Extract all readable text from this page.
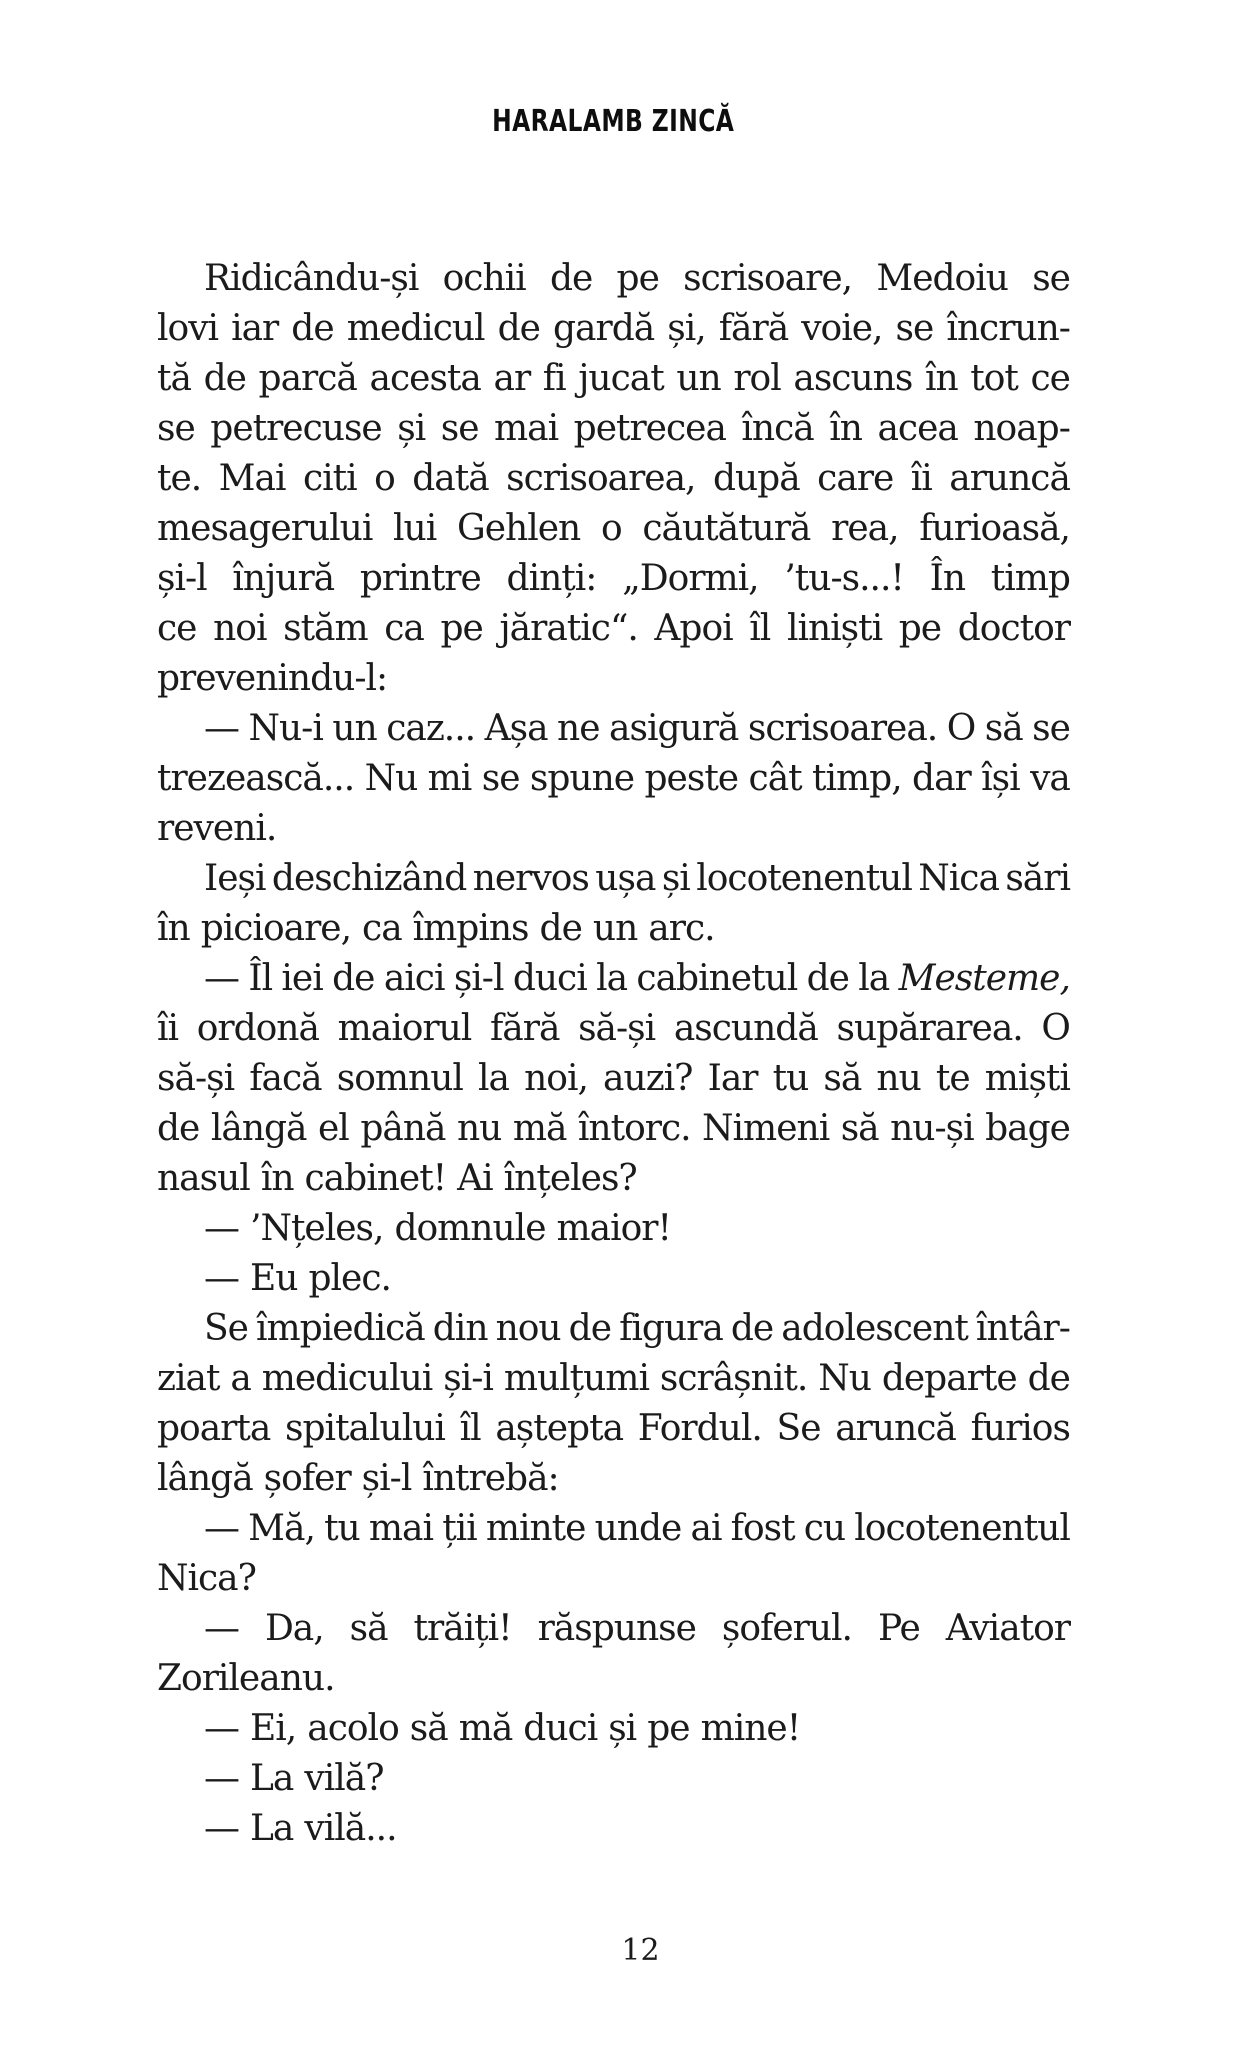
HARALAMB ZINCĂ
Ridicându-și ochii de pe scrisoare, Medoiu se
lovi iar de medicul de gardă și, fără voie, se încrun-
tă de parcă acesta ar fi jucat un rol ascuns în tot ce
se petrecuse și se mai petrecea încă în acea noap-
te. Mai citi o dată scrisoarea, după care îi aruncă
mesagerului lui Gehlen o căutătură rea, furioasă,
și-l înjură printre dinți: „Dormi, ’tu-s...! În timp
ce noi stăm ca pe jăratic“. Apoi îl liniști pe doctor
prevenindu-l:
— Nu-i un caz... Așa ne asigură scrisoarea. O să se
trezească... Nu mi se spune peste cât timp, dar își va
reveni.
Ieși deschizând nervos ușa și locotenentul Nica sări
în picioare, ca împins de un arc.
— Îl iei de aici și-l duci la cabinetul de la Mesteme,
îi ordonă maiorul fără să-și ascundă supărarea. O
să-și facă somnul la noi, auzi? Iar tu să nu te miști
de lângă el până nu mă întorc. Nimeni să nu-și bage
nasul în cabinet! Ai înțeles?
— ’Nțeles, domnule maior!
— Eu plec.
Se împiedică din nou de figura de adolescent întâr-
ziat a medicului și-i mulțumi scrâșnit. Nu departe de
poarta spitalului îl aștepta Fordul. Se aruncă furios
lângă șofer și-l întrebă:
— Mă, tu mai ții minte unde ai fost cu locotenentul
Nica?
— Da, să trăiți! răspunse șoferul. Pe Aviator
Zorileanu.
— Ei, acolo să mă duci și pe mine!
— La vilă?
— La vilă...
12
